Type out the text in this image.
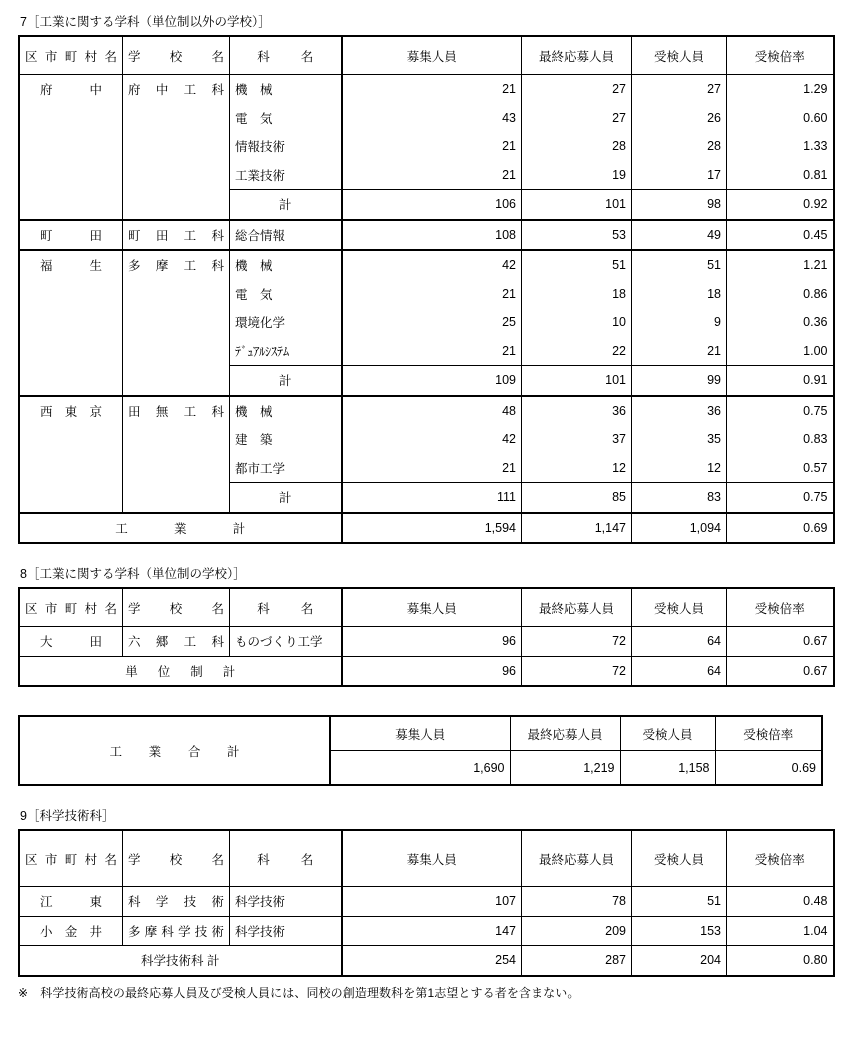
7［工業に関する学科（単位制以外の学校）］
区市町村名	学　　校　　名	科　名	募集人員	最終応募人員	受検人員	受検倍率

府　中	府　中　工　科	機　械	21	27	27	1.29
		電　気	43	27	26	0.60
		情報技術	21	28	28	1.33
		工業技術	21	19	17	0.81
		計	106	101	98	0.92

町　田	町　田　工　科	総合情報	108	53	49	0.45

福　生	多　摩　工　科	機　械	42	51	51	1.21
		電　気	21	18	18	0.86
		環境化学	25	10	9	0.36
		ﾃﾞｭｱﾙｼｽﾃﾑ	21	22	21	1.00
		計	109	101	99	0.91

西東京	田　無　工　科	機　械	48	36	36	0.75
		建　築	42	37	35	0.83
		都市工学	21	12	12	0.57
		計	111	85	83	0.75

工　業　計			1,594	1,147	1,094	0.69
8［工業に関する学科（単位制の学校）］
区市町村名	学　　校　　名	科　名	募集人員	最終応募人員	受検人員	受検倍率

大　田	六　郷　工　科	ものづくり工学	96	72	64	0.67

単 位 制 計			96	72	64	0.67
工　業　合　計	募集人員	最終応募人員	受検人員	受検倍率
	1,690	1,219	1,158	0.69
9［科学技術科］
区市町村名	学　　校　　名	科　名	募集人員	最終応募人員	受検人員	受検倍率

江　東	科　学　技　術	科学技術	107	78	51	0.48

小金井	多 摩 科 学 技 術	科学技術	147	209	153	1.04
科学技術科 計			254	287	204	0.80
※　科学技術高校の最終応募人員及び受検人員には、同校の創造理数科を第1志望とする者を含まない。
